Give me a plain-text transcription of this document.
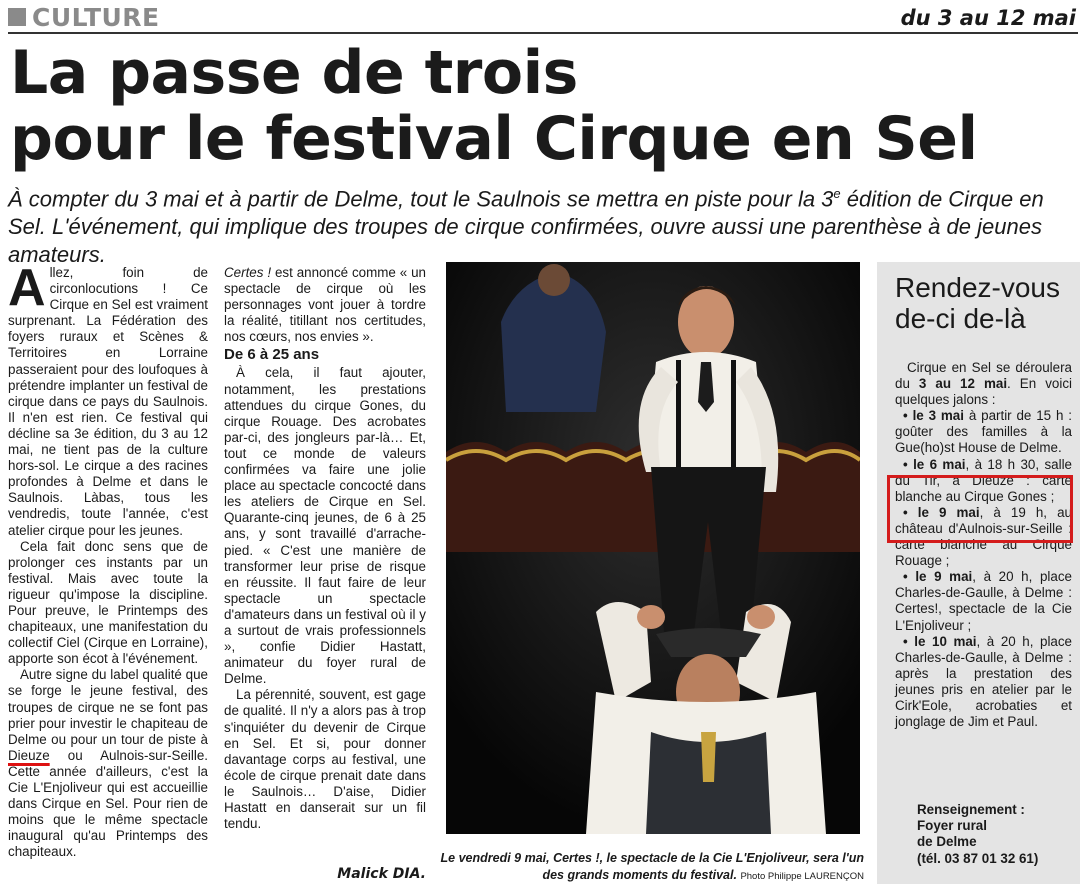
CULTURE	du 3 au 12 mai
La passe de trois
pour le festival Cirque en Sel
À compter du 3 mai et à partir de Delme, tout le Saulnois se mettra en piste pour la 3e édition de Cirque en Sel. L'événement, qui implique des troupes de cirque confirmées, ouvre aussi une parenthèse à de jeunes amateurs.

Allez, foin de circonlocutions ! Ce Cirque en Sel est vraiment surprenant. La Fédération des foyers ruraux et Scènes & Territoires en Lorraine passeraient pour des loufoques à prétendre implanter un festival de cirque dans ce pays du Saulnois. Il n'en est rien. Ce festival qui décline sa 3e édition, du 3 au 12 mai, ne tient pas de la culture hors-sol. Le cirque a des racines profondes à Delme et dans le Saulnois. Làbas, tous les vendredis, toute l'année, c'est atelier cirque pour les jeunes.

Cela fait donc sens que de prolonger ces instants par un festival. Mais avec toute la rigueur qu'impose la discipline. Pour preuve, le Printemps des chapiteaux, une manifestation du collectif Ciel (Cirque en Lorraine), apporte son écot à l'événement.

Autre signe du label qualité que se forge le jeune festival, des troupes de cirque ne se font pas prier pour investir le chapiteau de Delme ou pour un tour de piste à Dieuze ou Aulnois-sur-Seille. Cette année d'ailleurs, c'est la Cie L'Enjoliveur qui est accueillie dans Cirque en Sel. Pour rien de moins que le même spectacle inaugural qu'au Printemps des chapiteaux.

Certes ! est annoncé comme « un spectacle de cirque où les personnages vont jouer à tordre la réalité, titillant nos certitudes, nos cœurs, nos envies ».

De 6 à 25 ans

À cela, il faut ajouter, notamment, les prestations attendues du cirque Gones, du cirque Rouage. Des acrobates par-ci, des jongleurs par-là… Et, tout ce monde de valeurs confirmées va faire une jolie place au spectacle concocté dans les ateliers de Cirque en Sel. Quarante-cinq jeunes, de 6 à 25 ans, y sont travaillé d'arrache-pied. « C'est une manière de transformer leur prise de risque en réussite. Il faut faire de leur spectacle un spectacle d'amateurs dans un festival où il y a surtout de vrais professionnels », confie Didier Hastatt, animateur du foyer rural de Delme.

La pérennité, souvent, est gage de qualité. Il n'y a alors pas à trop s'inquiéter du devenir de Cirque en Sel. Et si, pour donner davantage corps au festival, une école de cirque prenait date dans le Saulnois… D'aise, Didier Hastatt en danserait sur un fil tendu.

Malick DIA.
Le vendredi 9 mai, Certes !, le spectacle de la Cie L'Enjoliveur, sera l'un des grands moments du festival. Photo Philippe LAURENÇON
Rendez-vous de-ci de-là

Cirque en Sel se déroulera du 3 au 12 mai. En voici quelques jalons :

• le 3 mai à partir de 15 h : goûter des familles à la Gue(ho)st House de Delme.

• le 6 mai, à 18 h 30, salle du Tir, à Dieuze : carte blanche au Cirque Gones ;

• le 9 mai, à 19 h, au château d'Aulnois-sur-Seille : carte blanche au Cirque Rouage ;

• le 9 mai, à 20 h, place Charles-de-Gaulle, à Delme : Certes!, spectacle de la Cie L'Enjoliveur ;

• le 10 mai, à 20 h, place Charles-de-Gaulle, à Delme : après la prestation des jeunes pris en atelier par le Cirk'Eole, acrobaties et jonglage de Jim et Paul.

Renseignement :
Foyer rural
de Delme
(tél. 03 87 01 32 61)
